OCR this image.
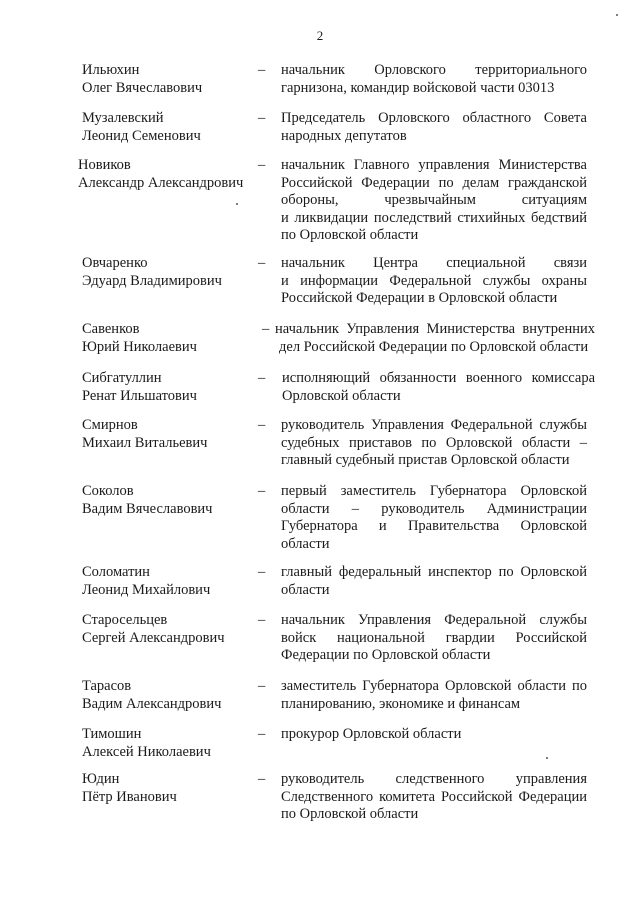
2
Ильюхин
Олег Вячеславович
–	начальник Орловского территориального
гарнизона, командир войсковой части 03013
Музалевский
Леонид Семенович
–	Председатель Орловского областного Совета
народных депутатов
Новиков
Александр Александрович
–	начальник Главного управления Министерства
Российской Федерации по делам гражданской
обороны, чрезвычайным ситуациям
и ликвидации последствий стихийных бедствий
по Орловской области
Овчаренко
Эдуард Владимирович
–	начальник Центра специальной связи
и информации Федеральной службы охраны
Российской Федерации в Орловской области
Савенков
Юрий Николаевич
– начальник Управления Министерства внутренних
дел Российской Федерации по Орловской области
Сибгатуллин
Ренат Ильшатович
–	исполняющий обязанности военного комиссара
Орловской области
Смирнов
Михаил Витальевич
–	руководитель Управления Федеральной службы
судебных приставов по Орловской области –
главный судебный пристав Орловской области
Соколов
Вадим Вячеславович
–	первый заместитель Губернатора Орловской
области – руководитель Администрации
Губернатора и Правительства Орловской
области
Соломатин
Леонид Михайлович
–	главный федеральный инспектор по Орловской
области
Старосельцев
Сергей Александрович
–	начальник Управления Федеральной службы
войск национальной гвардии Российской
Федерации по Орловской области
Тарасов
Вадим Александрович
–	заместитель Губернатора Орловской области по
планированию, экономике и финансам
Тимошин
Алексей Николаевич
–	прокурор Орловской области
Юдин
Пётр Иванович
–	руководитель следственного управления
Следственного комитета Российской Федерации
по Орловской области
